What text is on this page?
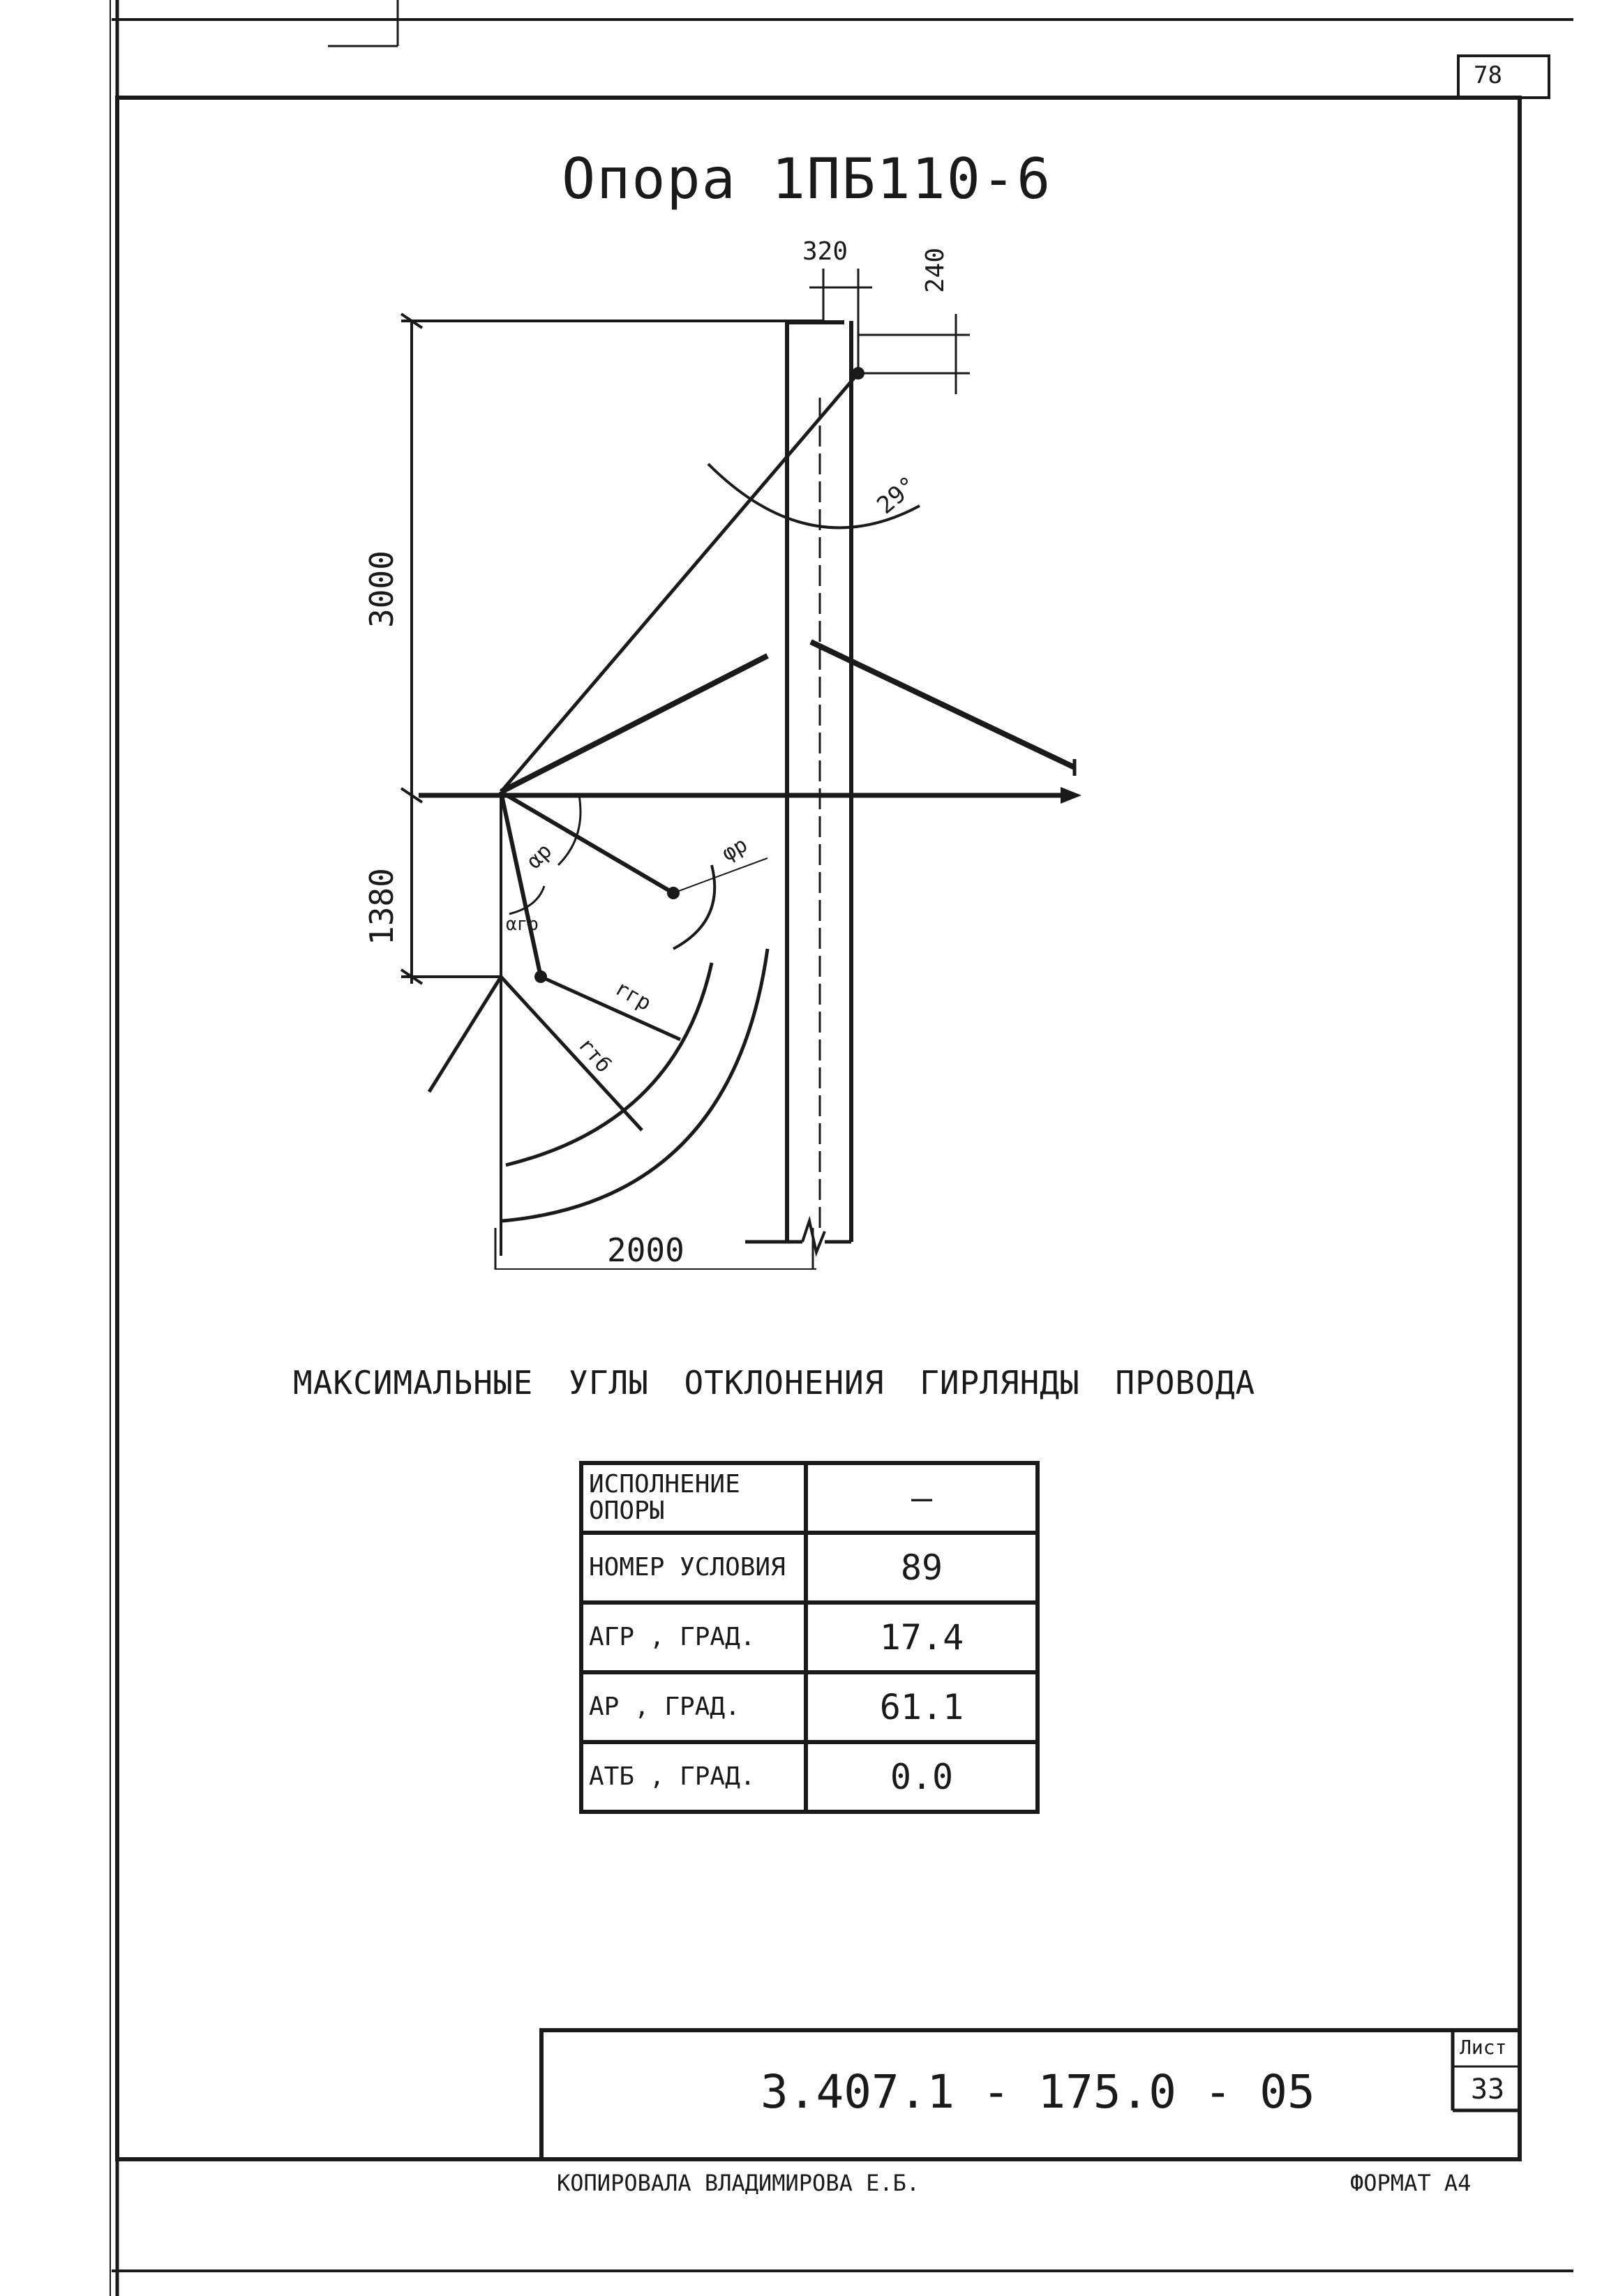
78
Опора 1ПБ110-6
320	240
3000
1380
2000
29°
αр
αгр
φр
rгр
rтб
МАКСИМАЛЬНЫЕ УГЛЫ ОТКЛОНЕНИЯ ГИРЛЯНДЫ ПРОВОДА
ИСПОЛНЕНИЕ ОПОРЫ	—
НОМЕР УСЛОВИЯ	89
ΑГР , ГРАД.	17.4
ΑР , ГРАД.	61.1
ΑТБ , ГРАД.	0.0
3.407.1 - 175.0 - 05
Лист
33
КОПИРОВАЛА ВЛАДИМИРОВА Е.Б.	ФОРМАТ А4
